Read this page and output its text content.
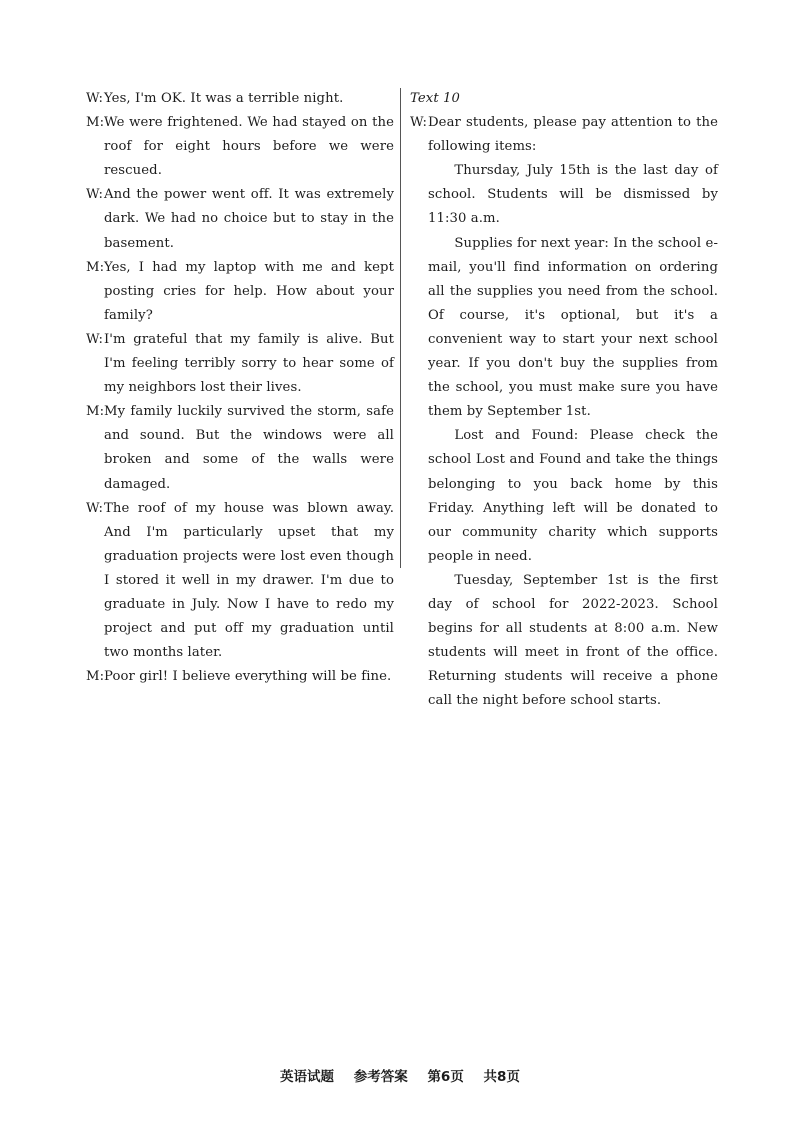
W: Yes, I'm OK. It was a terrible night.
M: We were frightened. We had stayed on the roof for eight hours before we were rescued.
W: And the power went off. It was extremely dark. We had no choice but to stay in the basement.
M: Yes, I had my laptop with me and kept posting cries for help. How about your family?
W: I'm grateful that my family is alive. But I'm feeling terribly sorry to hear some of my neighbors lost their lives.
M: My family luckily survived the storm, safe and sound. But the windows were all broken and some of the walls were damaged.
W: The roof of my house was blown away. And I'm particularly upset that my graduation projects were lost even though I stored it well in my drawer. I'm due to graduate in July. Now I have to redo my project and put off my graduation until two months later.
M: Poor girl! I believe everything will be fine.
Text 10
W: Dear students, please pay attention to the following items:
Thursday, July 15th is the last day of school. Students will be dismissed by 11:30 a.m.
Supplies for next year: In the school e-mail, you'll find information on ordering all the supplies you need from the school. Of course, it's optional, but it's a convenient way to start your next school year. If you don't buy the supplies from the school, you must make sure you have them by September 1st.
Lost and Found: Please check the school Lost and Found and take the things belonging to you back home by this Friday. Anything left will be donated to our community charity which supports people in need.
Tuesday, September 1st is the first day of school for 2022-2023. School begins for all students at 8:00 a.m. New students will meet in front of the office. Returning students will receive a phone call the night before school starts.
英语试题 参考答案 第6页 共8页
